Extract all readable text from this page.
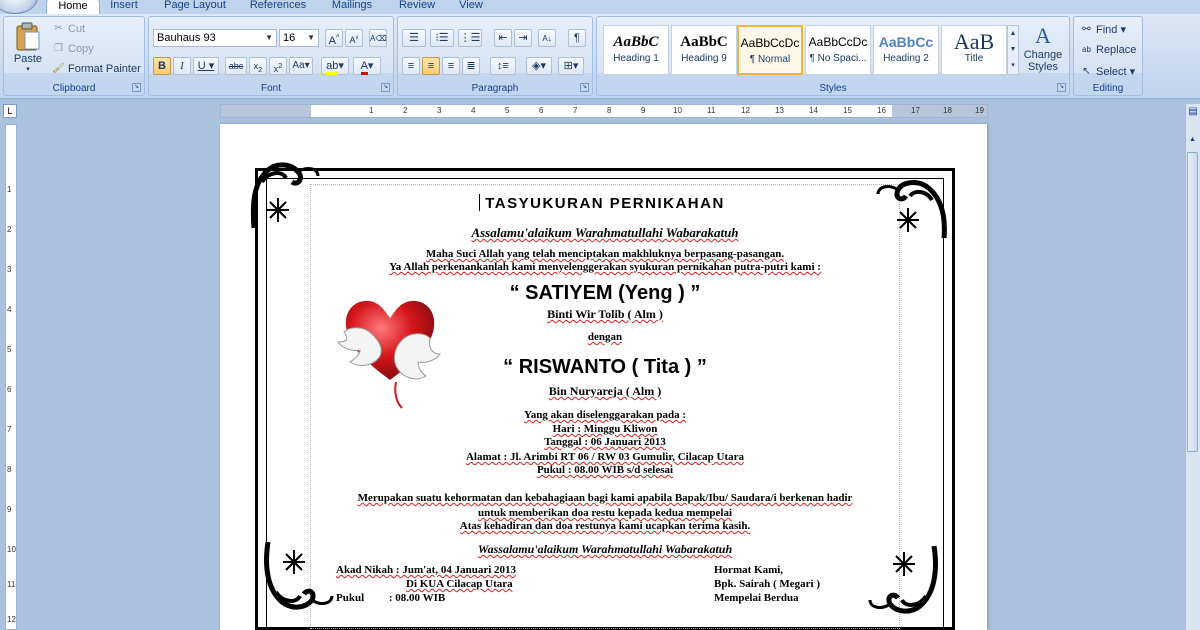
Home	Insert	Page Layout	References	Mailings	Review	View
Paste
▾
✂ Cut
❐ Copy
🖌 Format Painter
Clipboard	↘
Bauhaus 93	▼ 16 ▼	A^	$A^v$	A⌫
B	I	U ▾	abc	$x_2$	$x^2$	Aa▾	ab▾	A▾
Font	↘
☰	⁝☰ ⋮☰	⇤ ⇥	A↓	¶
≡	≡	≡	≣	↕≡	◈▾	⊞▾
Paragraph	↘
AaBbC
Heading 1
AaBbC
Heading 9
AaBbCcDc
¶ Normal
AaBbCcDc
¶ No Spaci...
AaBbCc
Heading 2
AaB
Title
▲
▼
▾
A
Change Styles
Styles	↘
⚯ Find ▾
ab Replace
↖ Select ▾
Editing
L	1	2	3	4	5	6	7	8	9	10	11	12	13	14	15	16	17	18	19
1
2
3
4
5
6
7
8
9
10
11
12
▤
▲
TASYUKURAN PERNIKAHAN
Assalamu'alaikum Warahmatullahi Wabarakatuh
Maha Suci Allah yang telah menciptakan makhluknya berpasang-pasangan.
Ya Allah perkenankanlah kami menyelenggerakan syukuran pernikahan putra-putri kami :
“ SATIYEM (Yeng ) ”
Binti Wir Tolib ( Alm )
dengan
“ RISWANTO ( Tita ) ”
Bin Nuryareja ( Alm )
Yang akan diselenggarakan pada :
Hari : Minggu Kliwon
Tanggal : 06 Januari 2013
Alamat : Jl. Arimbi RT 06 / RW 03 Gumulir, Cilacap Utara
Pukul : 08.00 WIB s/d selesai
Merupakan suatu kehormatan dan kebahagiaan bagi kami apabila Bapak/Ibu/ Saudara/i berkenan hadir
untuk memberikan doa restu kepada kedua mempelai
Atas kehadiran dan doa restunya kami ucapkan terima kasih.
Wassalamu'alaikum Warahmatullahi Wabarakatuh
Akad Nikah : Jum'at, 04 Januari 2013
Di KUA Cilacap Utara
Pukul         : 08.00 WIB
Hormat Kami,
Bpk. Sairah ( Megari )
Mempelai Berdua
